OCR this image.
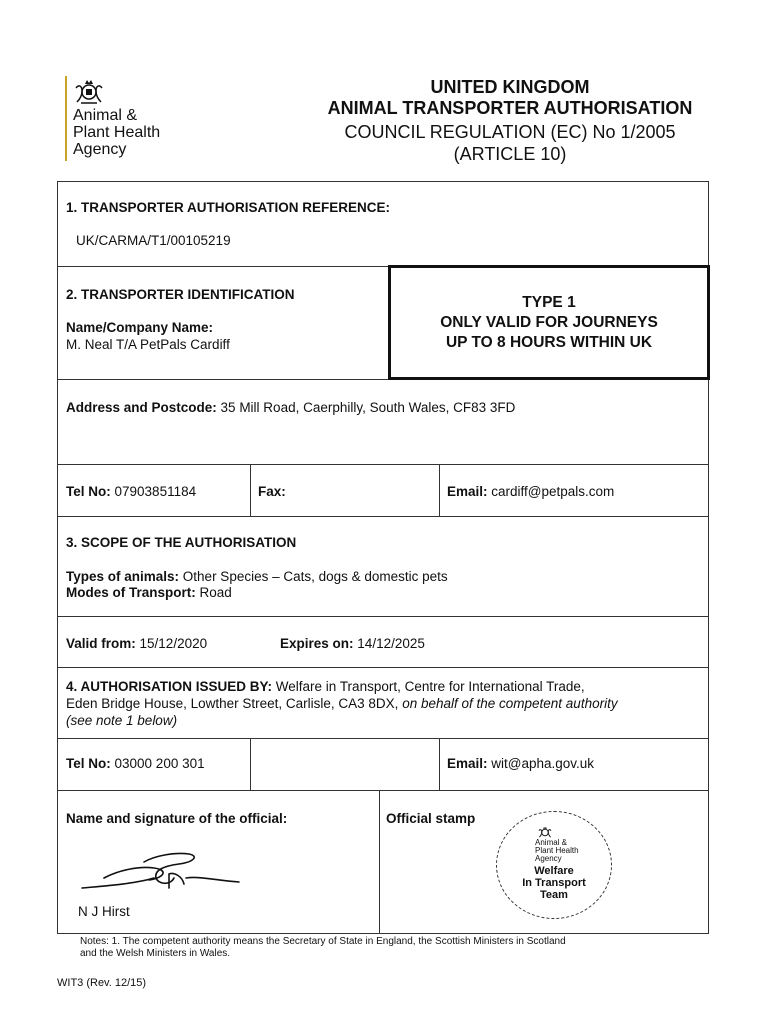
Animal &
Plant Health
Agency
UNITED KINGDOM
ANIMAL TRANSPORTER AUTHORISATION
COUNCIL REGULATION (EC) No 1/2005
(ARTICLE 10)
1. TRANSPORTER AUTHORISATION REFERENCE:
UK/CARMA/T1/00105219
2. TRANSPORTER IDENTIFICATION
Name/Company Name:
M. Neal T/A PetPals Cardiff
TYPE 1
ONLY VALID FOR JOURNEYS
UP TO 8 HOURS WITHIN UK
Address and Postcode: 35 Mill Road, Caerphilly, South Wales, CF83 3FD
Tel No: 07903851184	Fax:	Email: cardiff@petpals.com
3. SCOPE OF THE AUTHORISATION
Types of animals: Other Species – Cats, dogs & domestic pets
Modes of Transport: Road
Valid from: 15/12/2020	Expires on: 14/12/2025
4. AUTHORISATION ISSUED BY: Welfare in Transport, Centre for International Trade,
Eden Bridge House, Lowther Street, Carlisle, CA3 8DX, on behalf of the competent authority
(see note 1 below)
Tel No: 03000 200 301	Email: wit@apha.gov.uk
Name and signature of the official:
N J Hirst
Official stamp
Animal &
Plant Health
Agency
Welfare
In Transport
Team
Notes: 1. The competent authority means the Secretary of State in England, the Scottish Ministers in Scotland
and the Welsh Ministers in Wales.
WIT3 (Rev. 12/15)
